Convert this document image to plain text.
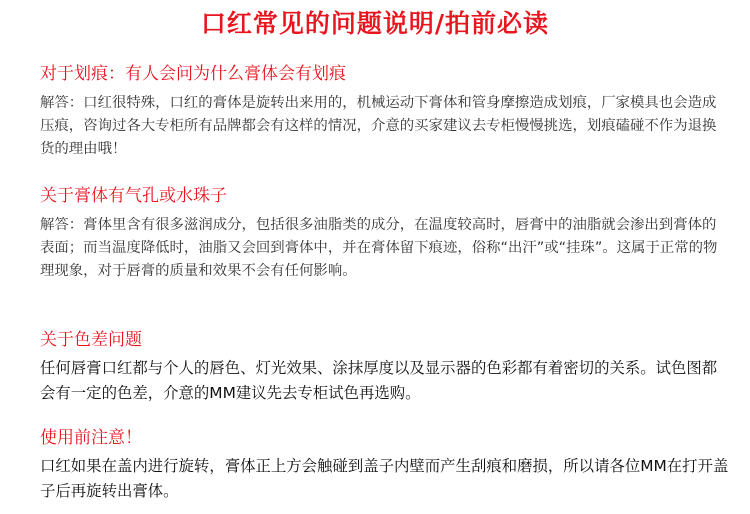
口红常见的问题说明/拍前必读
对于划痕：有人会问为什么膏体会有划痕
解答：口红很特殊，口红的膏体是旋转出来用的，机械运动下膏体和管身摩擦造成划痕，厂家模具也会造成压痕，咨询过各大专柜所有品牌都会有这样的情况，介意的买家建议去专柜慢慢挑选，划痕磕碰不作为退换货的理由哦！
关于膏体有气孔或水珠子
解答：膏体里含有很多滋润成分，包括很多油脂类的成分，在温度较高时，唇膏中的油脂就会渗出到膏体的表面；而当温度降低时，油脂又会回到膏体中，并在膏体留下痕迹，俗称“出汗”或“挂珠”。这属于正常的物理现象，对于唇膏的质量和效果不会有任何影响。
关于色差问题
任何唇膏口红都与个人的唇色、灯光效果、涂抹厚度以及显示器的色彩都有着密切的关系。试色图都会有一定的色差，介意的MM建议先去专柜试色再选购。
使用前注意！
口红如果在盖内进行旋转，膏体正上方会触碰到盖子内壁而产生刮痕和磨损，所以请各位MM在打开盖子后再旋转出膏体。
